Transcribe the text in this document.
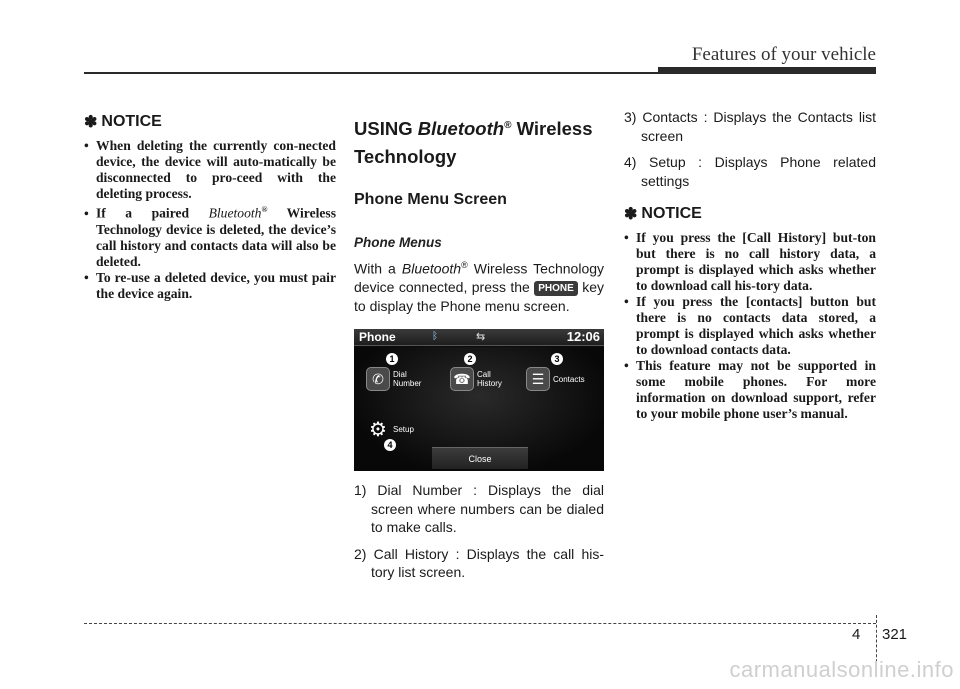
Features of your vehicle
✽ NOTICE
• When deleting the currently con-nected device, the device will auto-matically be disconnected to pro-ceed with the deleting process.
• If a paired Bluetooth® Wireless Technology device is deleted, the device’s call history and contacts data will also be deleted.
• To re-use a deleted device, you must pair the device again.
USING Bluetooth® Wireless Technology
Phone Menu Screen
Phone Menus

With a Bluetooth® Wireless Technology device connected, press the PHONE key to display the Phone menu screen.

Phone	ᛒ	⇆	12:06
1	2	3
4
✆	Dial
Number ☎ Call
History	☰	Contacts
⚙ Setup
Close
1) Dial Number : Displays the dial screen where numbers can be dialed to make calls.
2) Call History : Displays the call his-tory list screen.
3) Contacts : Displays the Contacts list screen
4) Setup : Displays Phone related settings
✽ NOTICE
• If you press the [Call History] but-ton but there is no call history data, a prompt is displayed which asks whether to download call his-tory data.
• If you press the [contacts] button but there is no contacts data stored, a prompt is displayed which asks whether to download contacts data.
• This feature may not be supported in some mobile phones. For more information on download support, refer to your mobile phone user’s manual.
4 321
carmanualsonline.info
